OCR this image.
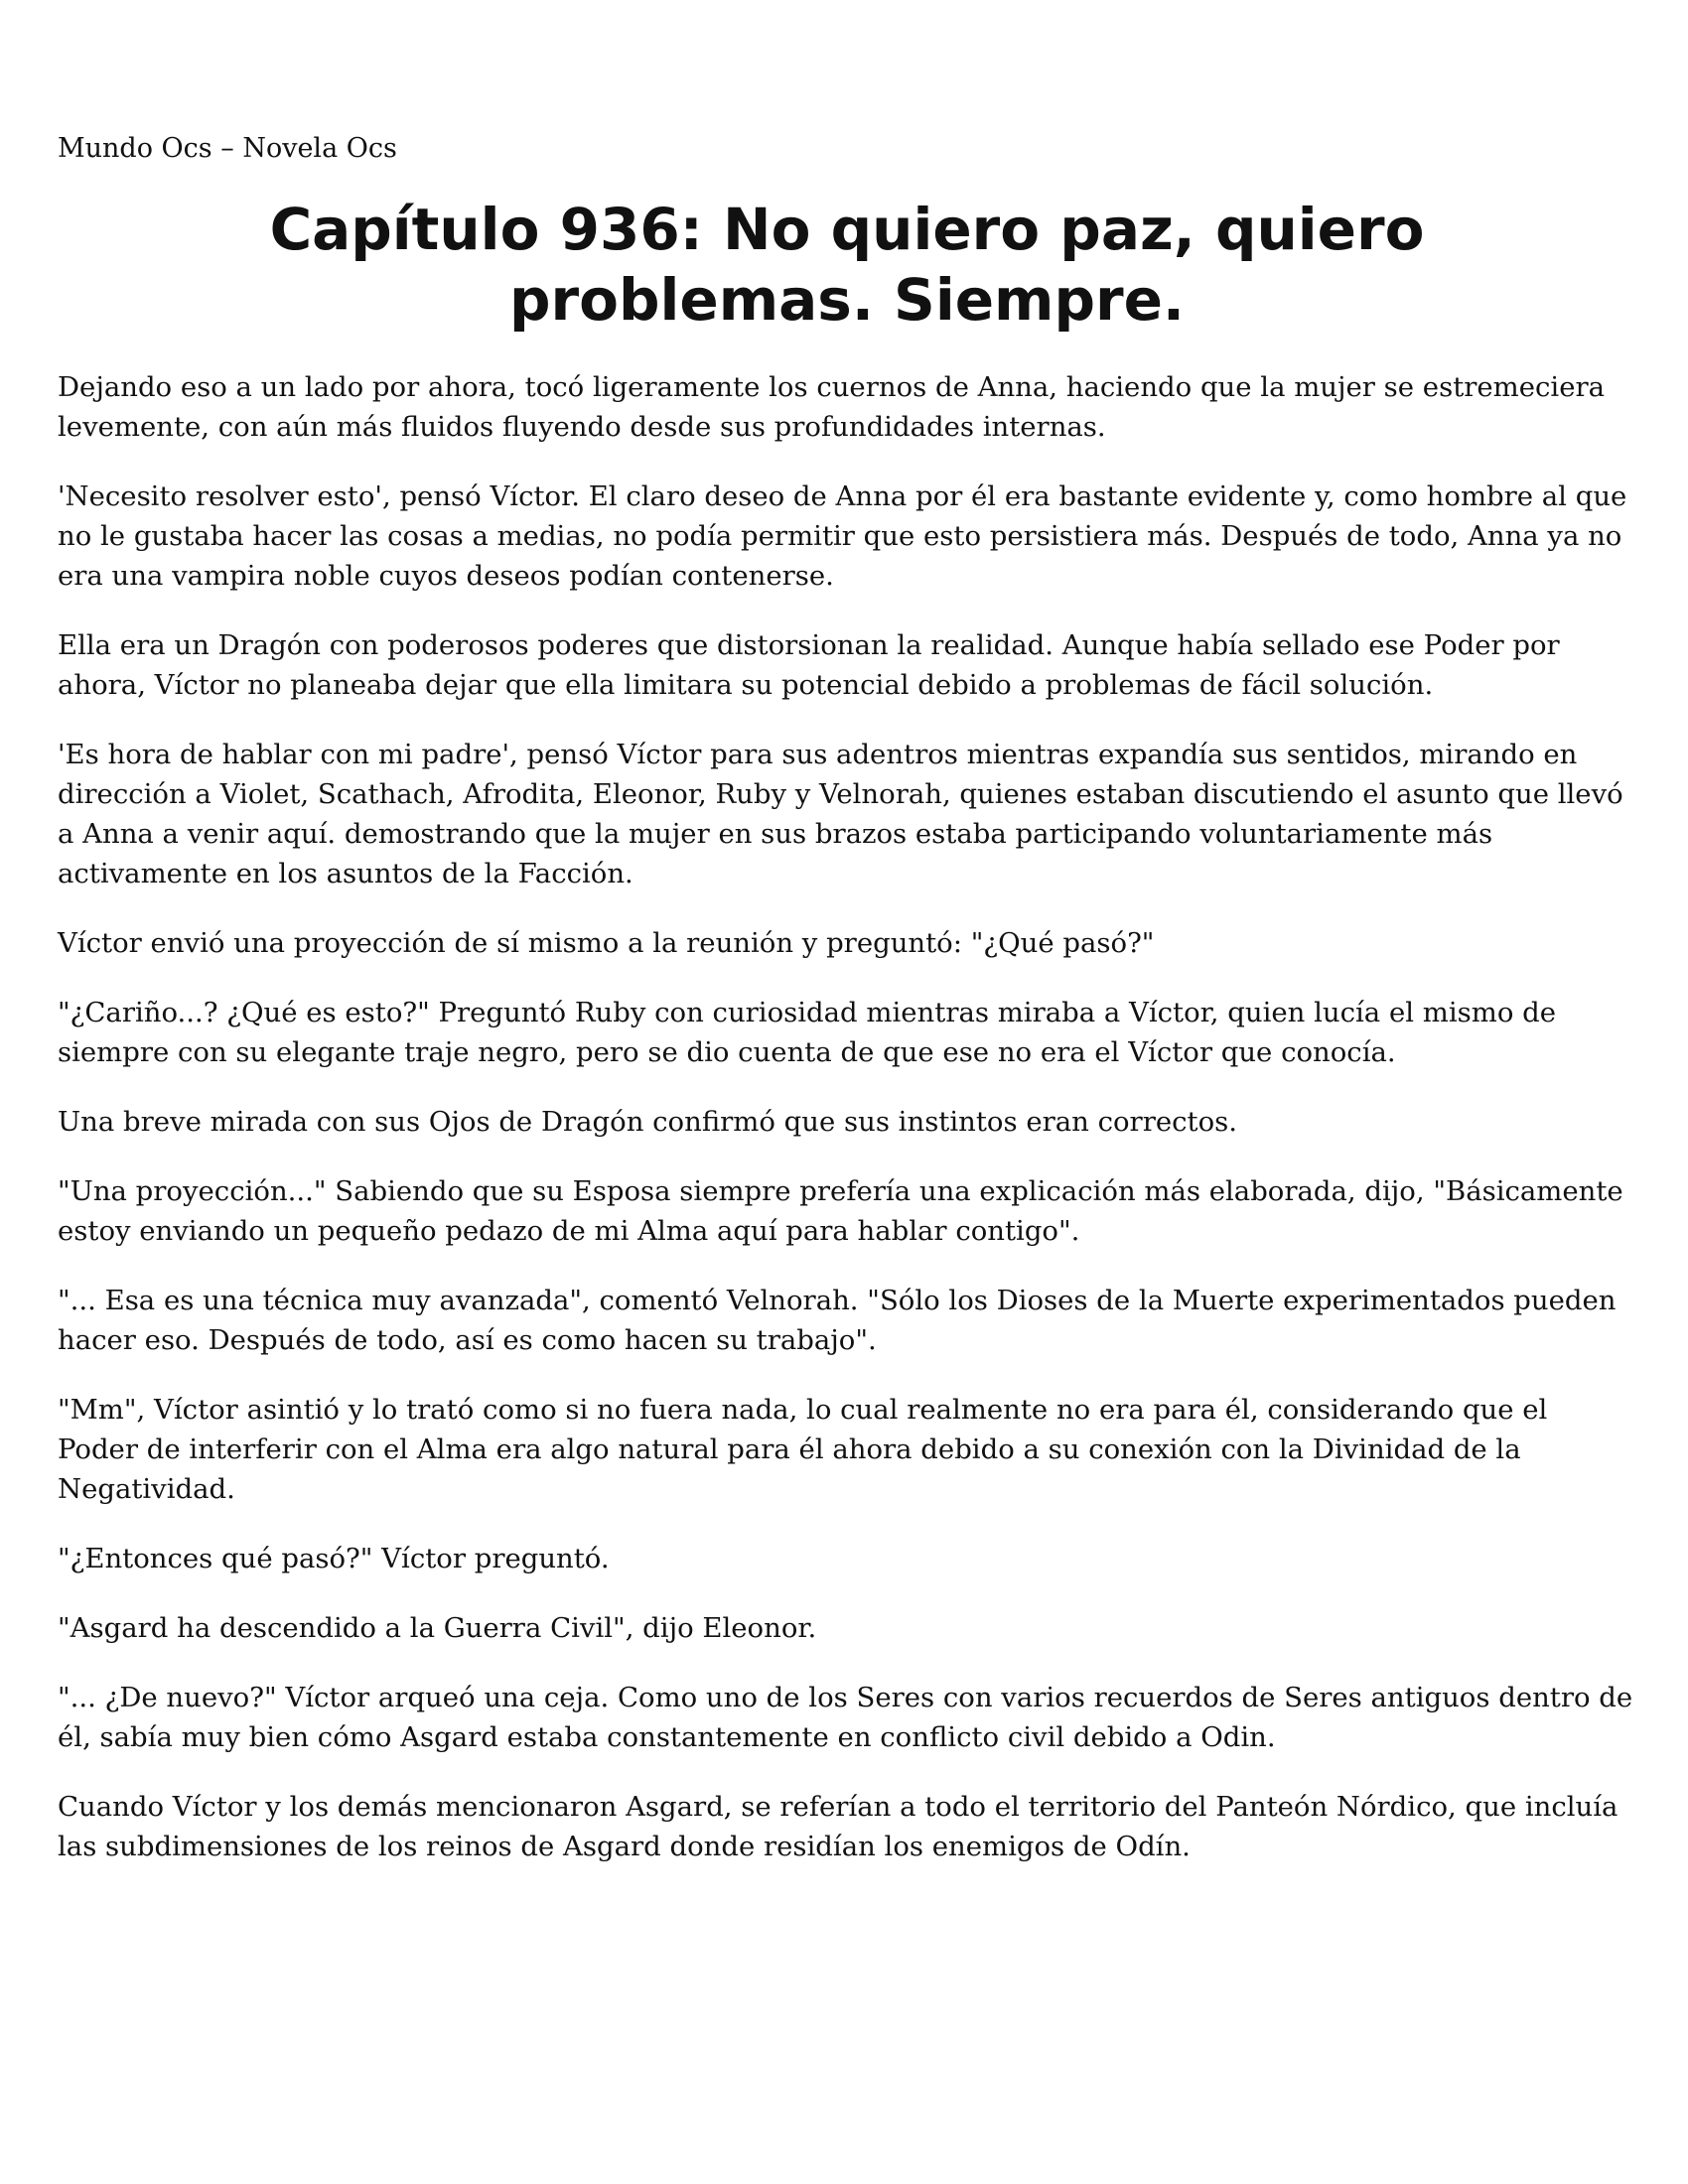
Mundo Ocs – Novela Ocs
Capítulo 936: No quiero paz, quiero problemas. Siempre.

Dejando eso a un lado por ahora, tocó ligeramente los cuernos de Anna, haciendo que la mujer se estremeciera levemente, con aún más fluidos fluyendo desde sus profundidades internas.

'Necesito resolver esto', pensó Víctor. El claro deseo de Anna por él era bastante evidente y, como hombre al que no le gustaba hacer las cosas a medias, no podía permitir que esto persistiera más. Después de todo, Anna ya no era una vampira noble cuyos deseos podían contenerse.

Ella era un Dragón con poderosos poderes que distorsionan la realidad. Aunque había sellado ese Poder por ahora, Víctor no planeaba dejar que ella limitara su potencial debido a problemas de fácil solución.

'Es hora de hablar con mi padre', pensó Víctor para sus adentros mientras expandía sus sentidos, mirando en dirección a Violet, Scathach, Afrodita, Eleonor, Ruby y Velnorah, quienes estaban discutiendo el asunto que llevó a Anna a venir aquí. demostrando que la mujer en sus brazos estaba participando voluntariamente más activamente en los asuntos de la Facción.

Víctor envió una proyección de sí mismo a la reunión y preguntó: "¿Qué pasó?"

"¿Cariño...? ¿Qué es esto?" Preguntó Ruby con curiosidad mientras miraba a Víctor, quien lucía el mismo de siempre con su elegante traje negro, pero se dio cuenta de que ese no era el Víctor que conocía.

Una breve mirada con sus Ojos de Dragón confirmó que sus instintos eran correctos.

"Una proyección..." Sabiendo que su Esposa siempre prefería una explicación más elaborada, dijo, "Básicamente estoy enviando un pequeño pedazo de mi Alma aquí para hablar contigo".

"... Esa es una técnica muy avanzada", comentó Velnorah. "Sólo los Dioses de la Muerte experimentados pueden hacer eso. Después de todo, así es como hacen su trabajo".

"Mm", Víctor asintió y lo trató como si no fuera nada, lo cual realmente no era para él, considerando que el Poder de interferir con el Alma era algo natural para él ahora debido a su conexión con la Divinidad de la Negatividad.

"¿Entonces qué pasó?" Víctor preguntó.

"Asgard ha descendido a la Guerra Civil", dijo Eleonor.

"... ¿De nuevo?" Víctor arqueó una ceja. Como uno de los Seres con varios recuerdos de Seres antiguos dentro de él, sabía muy bien cómo Asgard estaba constantemente en conflicto civil debido a Odin.

Cuando Víctor y los demás mencionaron Asgard, se referían a todo el territorio del Panteón Nórdico, que incluía las subdimensiones de los reinos de Asgard donde residían los enemigos de Odín.
